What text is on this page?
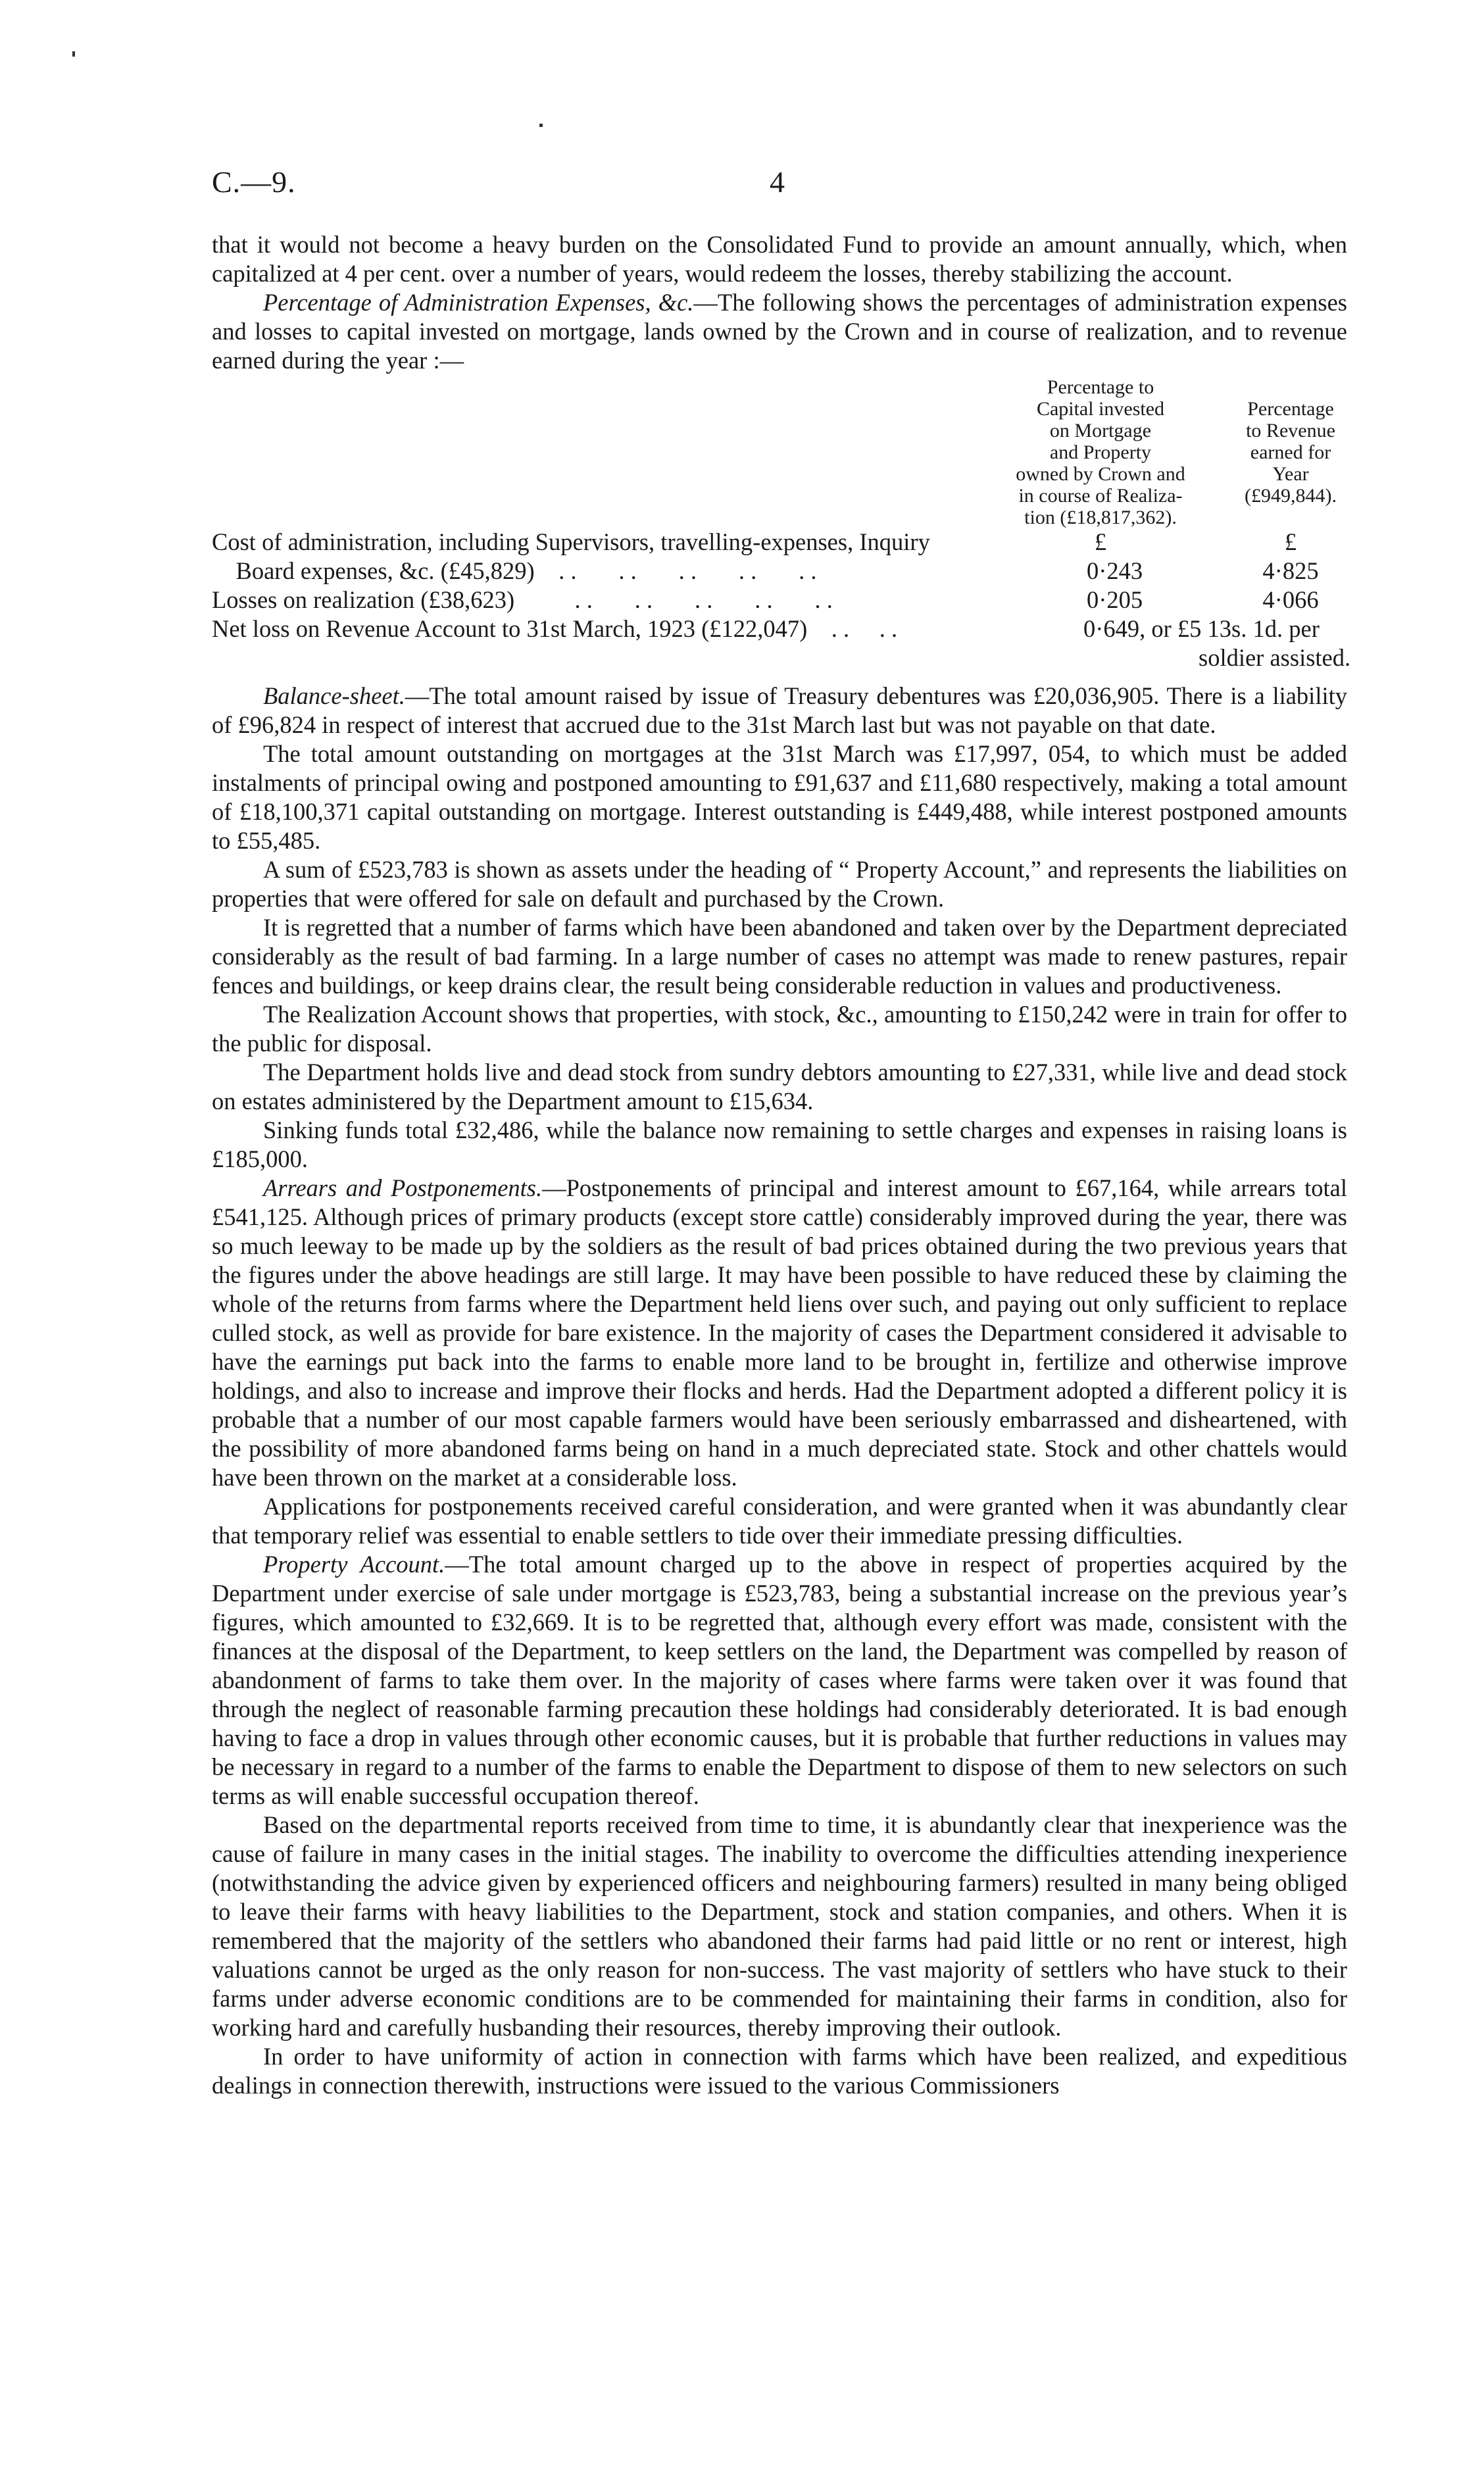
C.—9.	4

that it would not become a heavy burden on the Consolidated Fund to provide an amount annually, which, when capitalized at 4 per cent. over a number of years, would redeem the losses, thereby stabilizing the account.

Percentage of Administration Expenses, &c.—The following shows the percentages of administration expenses and losses to capital invested on mortgage, lands owned by the Crown and in course of realization, and to revenue earned during the year :—

Percentage to
Capital invested
on Mortgage
and Property
owned by Crown and
in course of Realiza-
tion (£18,817,362).
Percentage
to Revenue
earned for
Year
(£949,844).
Cost of administration, including Supervisors, travelling-expenses, Inquiry	£	£
Board expenses, &c. (£45,829)    . .       . .       . .       . .       . .	0·243	4·825
Losses on realization (£38,623)          . .       . .       . .       . .       . .	0·205	4·066
Net loss on Revenue Account to 31st March, 1923 (£122,047)    . .     . .	0·649, or £5 13s. 1d. per
soldier assisted.

Balance-sheet.—The total amount raised by issue of Treasury debentures was £20,036,905. There is a liability of £96,824 in respect of interest that accrued due to the 31st March last but was not payable on that date.

The total amount outstanding on mortgages at the 31st March was £17,997, 054, to which must be added instalments of principal owing and postponed amounting to £91,637 and £11,680 respectively, making a total amount of £18,100,371 capital outstanding on mortgage. Interest outstanding is £449,488, while interest postponed amounts to £55,485.

A sum of £523,783 is shown as assets under the heading of “ Property Account,” and represents the liabilities on properties that were offered for sale on default and purchased by the Crown.

It is regretted that a number of farms which have been abandoned and taken over by the Department depreciated considerably as the result of bad farming. In a large number of cases no attempt was made to renew pastures, repair fences and buildings, or keep drains clear, the result being considerable reduction in values and productiveness.

The Realization Account shows that properties, with stock, &c., amounting to £150,242 were in train for offer to the public for disposal.

The Department holds live and dead stock from sundry debtors amounting to £27,331, while live and dead stock on estates administered by the Department amount to £15,634.

Sinking funds total £32,486, while the balance now remaining to settle charges and expenses in raising loans is £185,000.

Arrears and Postponements.—Postponements of principal and interest amount to £67,164, while arrears total £541,125. Although prices of primary products (except store cattle) considerably improved during the year, there was so much leeway to be made up by the soldiers as the result of bad prices obtained during the two previous years that the figures under the above headings are still large. It may have been possible to have reduced these by claiming the whole of the returns from farms where the Department held liens over such, and paying out only sufficient to replace culled stock, as well as provide for bare existence. In the majority of cases the Department considered it advisable to have the earnings put back into the farms to enable more land to be brought in, fertilize and otherwise improve holdings, and also to increase and improve their flocks and herds. Had the Department adopted a different policy it is probable that a number of our most capable farmers would have been seriously embarrassed and disheartened, with the possibility of more abandoned farms being on hand in a much depreciated state. Stock and other chattels would have been thrown on the market at a considerable loss.

Applications for postponements received careful consideration, and were granted when it was abundantly clear that temporary relief was essential to enable settlers to tide over their immediate pressing difficulties.

Property Account.—The total amount charged up to the above in respect of properties acquired by the Department under exercise of sale under mortgage is £523,783, being a substantial increase on the previous year’s figures, which amounted to £32,669. It is to be regretted that, although every effort was made, consistent with the finances at the disposal of the Department, to keep settlers on the land, the Department was compelled by reason of abandonment of farms to take them over. In the majority of cases where farms were taken over it was found that through the neglect of reasonable farming precaution these holdings had considerably deteriorated. It is bad enough having to face a drop in values through other economic causes, but it is probable that further reductions in values may be necessary in regard to a number of the farms to enable the Department to dispose of them to new selectors on such terms as will enable successful occupation thereof.

Based on the departmental reports received from time to time, it is abundantly clear that inexperience was the cause of failure in many cases in the initial stages. The inability to overcome the difficulties attending inexperience (notwithstanding the advice given by experienced officers and neighbouring farmers) resulted in many being obliged to leave their farms with heavy liabilities to the Department, stock and station companies, and others. When it is remembered that the majority of the settlers who abandoned their farms had paid little or no rent or interest, high valuations cannot be urged as the only reason for non-success. The vast majority of settlers who have stuck to their farms under adverse economic conditions are to be commended for maintaining their farms in condition, also for working hard and carefully husbanding their resources, thereby improving their outlook.

In order to have uniformity of action in connection with farms which have been realized, and expeditious dealings in connection therewith, instructions were issued to the various Commissioners
